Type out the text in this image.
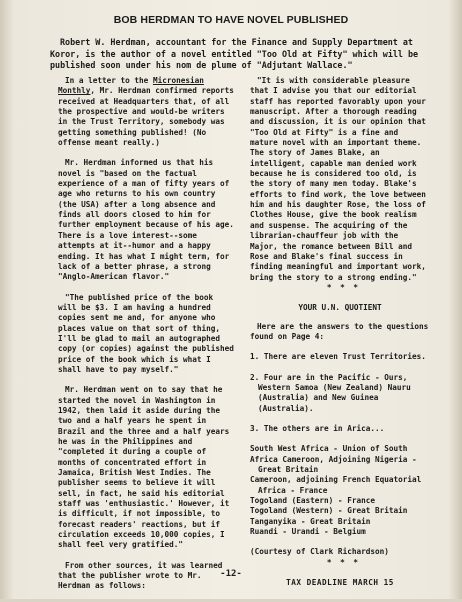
BOB HERDMAN TO HAVE NOVEL PUBLISHED
Robert W. Herdman, accountant for the Finance and Supply Department at Koror, is the author of a novel entitled "Too Old at Fifty" which will be published soon under his nom de plume of "Adjutant Wallace."

In a letter to the Micronesian Monthly, Mr. Herdman confirmed reports received at Headquarters that, of all the prospective and would-be writers in the Trust Territory, somebody was getting something published! (No offense meant really.)

Mr. Herdman informed us that his novel is "based on the factual experience of a man of fifty years of age who returns to his own country (the USA) after a long absence and finds all doors closed to him for further employment because of his age. There is a love interest--some attempts at it--humor and a happy ending. It has what I might term, for lack of a better phrase, a strong "Anglo-American flavor."

"The published price of the book will be $3. I am having a hundred copies sent me and, for anyone who places value on that sort of thing, I'll be glad to mail an autographed copy (or copies) against the published price of the book which is what I shall have to pay myself."

Mr. Herdman went on to say that he started the novel in Washington in 1942, then laid it aside during the two and a half years he spent in Brazil and the three and a half years he was in the Philippines and "completed it during a couple of months of concentrated effort in Jamaica, British West Indies. The publisher seems to believe it will sell, in fact, he said his editorial staff was 'enthusiastic.' However, it is difficult, if not impossible, to forecast readers' reactions, but if circulation exceeds 10,000 copies, I shall feel very gratified."

From other sources, it was learned that the publisher wrote to Mr. Herdman as follows:

"It is with considerable pleasure that I advise you that our editorial staff has reported favorably upon your manuscript. After a thorough reading and discussion, it is our opinion that "Too Old at Fifty" is a fine and mature novel with an important theme. The story of James Blake, an intelligent, capable man denied work because he is considered too old, is the story of many men today. Blake's efforts to find work, the love between him and his daughter Rose, the loss of Clothes House, give the book realism and suspense. The acquiring of the librarian-chauffeur job with the Major, the romance between Bill and Rose and Blake's final success in finding meaningful and important work, bring the story to a strong ending."

* * *

YOUR U.N. QUOTIENT

Here are the answers to the questions found on Page 4:

1. There are eleven Trust Territories.

2. Four are in the Pacific - Ours, Western Samoa (New Zealand) Nauru (Australia) and New Guinea (Australia).

3. The others are in Arica...

South West Africa - Union of South
Africa Cameroon, Adjoining Nigeria -
Great Britain
Cameroon, adjoining French Equatorial
Africa - France
Togoland (Eastern) - France
Togoland (Western) - Great Britain
Tanganyika - Great Britain
Ruandi - Urandi - Belgium

(Courtesy of Clark Richardson)

* * *

TAX DEADLINE MARCH 15

-12-
